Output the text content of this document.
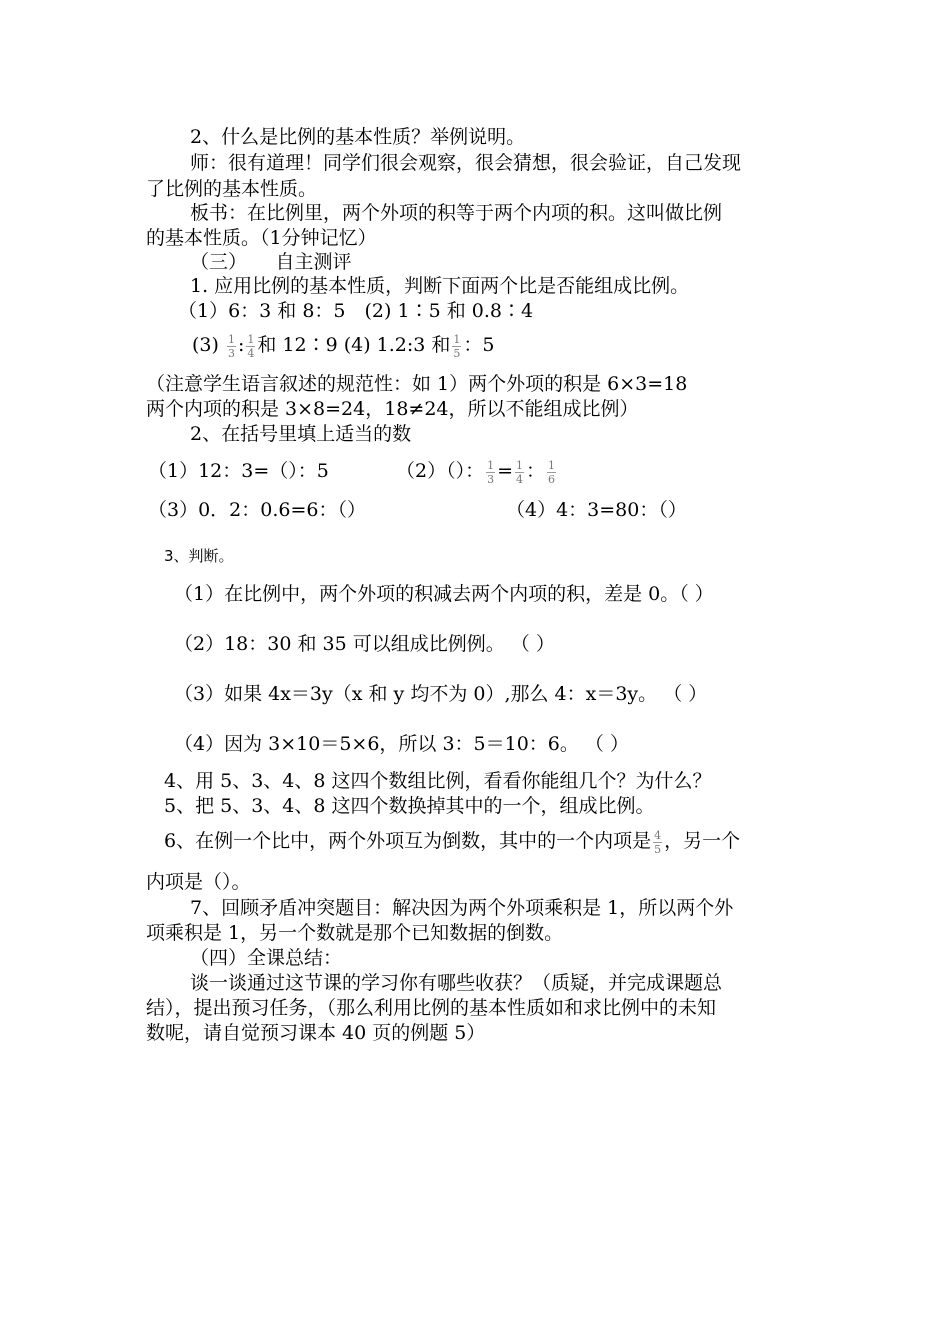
2、什么是比例的基本性质？举例说明。
师：很有道理！同学们很会观察，很会猜想，很会验证，自己发现
了比例的基本性质。
板书：在比例里，两个外项的积等于两个内项的积。这叫做比例
的基本性质。（1分钟记忆）
（三）　　自主测评
1. 应用比例的基本性质，判断下面两个比是否能组成比例。
（1）6：3 和 8：5　(2) 1∶5 和 0.8∶4
$(3) \frac{1}{3}$ : $\frac{1}{4}$ 和 12∶9 (4) 1.2:3 和 $\frac{1}{5}$ ：5
（注意学生语言叙述的规范性：如 1）两个外项的积是 6×3=18
两个内项的积是 3×8=24，18≠24，所以不能组成比例）
2、在括号里填上适当的数
（1）12：3=（）：5	（2）（）： $\frac{1}{3} = \frac{1}{4}$ ： $\frac{1}{6}$
（3）0．2：0.6=6：（）	（4）4：3=80：（）
3、判断。
（1）在比例中，两个外项的积减去两个内项的积，差是 0。（ ）
（2）18：30 和 35 可以组成比例例。 （ ）
（3）如果 4x＝3y（x 和 y 均不为 0）,那么 4：x＝3y。 （ ）
（4）因为 3×10＝5×6，所以 3：5＝10：6。 （ ）
4、用 5、3、4、8 这四个数组比例，看看你能组几个？为什么？
5、把 5、3、4、8 这四个数换掉其中的一个，组成比例。
6、在例一个比中，两个外项互为倒数，其中的一个内项是 $\frac{4}{5}$ ，另一个
内项是（）。
7、回顾矛盾冲突题目：解决因为两个外项乘积是 1，所以两个外
项乘积是 1，另一个数就是那个已知数据的倒数。
（四）全课总结：
谈一谈通过这节课的学习你有哪些收获？（质疑，并完成课题总
结），提出预习任务，（那么利用比例的基本性质如和求比例中的未知
数呢，请自觉预习课本 40 页的例题 5）
